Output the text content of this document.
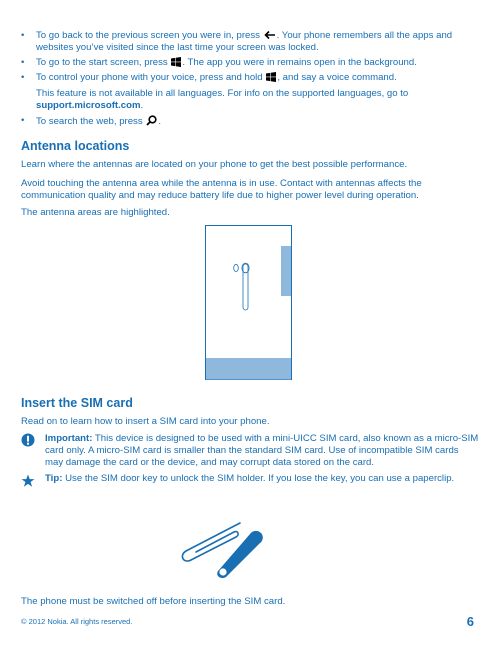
• To go back to the previous screen you were in, press . Your phone remembers all the apps and websites you’ve visited since the last time your screen was locked.
• To go to the start screen, press . The app you were in remains open in the background.
• To control your phone with your voice, press and hold , and say a voice command.
This feature is not available in all languages. For info on the supported languages, go to support.microsoft.com.
• To search the web, press .
Antenna locations

Learn where the antennas are located on your phone to get the best possible performance.

Avoid touching the antenna area while the antenna is in use. Contact with antennas affects the communication quality and may reduce battery life due to higher power level during operation.

The antenna areas are highlighted.

Insert the SIM card

Read on to learn how to insert a SIM card into your phone.

Important: This device is designed to be used with a mini-UICC SIM card, also known as a micro-SIM card only. A micro-SIM card is smaller than the standard SIM card. Use of incompatible SIM cards may damage the card or the device, and may corrupt data stored on the card.
Tip: Use the SIM door key to unlock the SIM holder. If you lose the key, you can use a paperclip.

The phone must be switched off before inserting the SIM card.

© 2012 Nokia. All rights reserved.	6
